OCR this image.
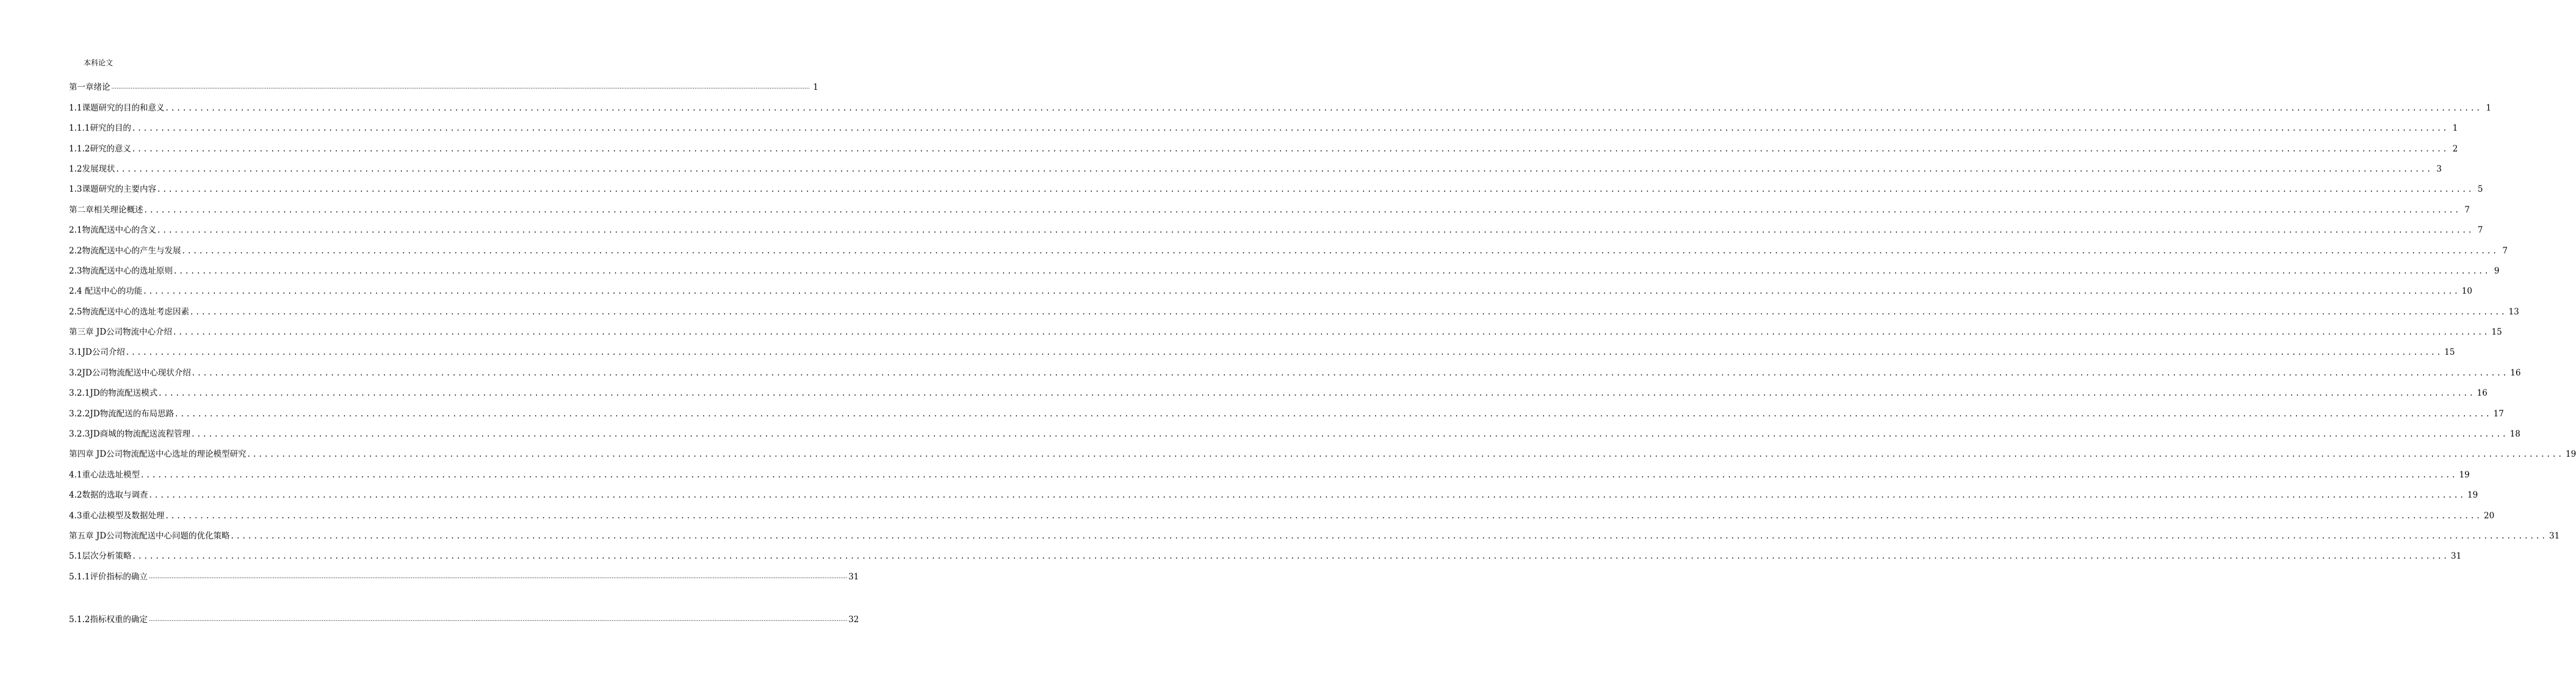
本科论文
第一章绪论 ................................................................................................................................................................................................................................................................................................................................................................................................................ 1
1.1课题研究的目的和意义 ................................................................................................................................................................................................................................................................................................................................................................................................................ 1
1.1.1研究的目的 ................................................................................................................................................................................................................................................................................................................................................................................................................ 1
1.1.2研究的意义 ................................................................................................................................................................................................................................................................................................................................................................................................................ 2
1.2发展现状 ................................................................................................................................................................................................................................................................................................................................................................................................................ 3
1.3课题研究的主要内容 ................................................................................................................................................................................................................................................................................................................................................................................................................ 5
第二章相关理论概述 ................................................................................................................................................................................................................................................................................................................................................................................................................ 7
2.1物流配送中心的含义 ................................................................................................................................................................................................................................................................................................................................................................................................................ 7
2.2物流配送中心的产生与发展 ................................................................................................................................................................................................................................................................................................................................................................................................................ 7
2.3物流配送中心的选址原则 ................................................................................................................................................................................................................................................................................................................................................................................................................ 9
2.4 配送中心的功能 ................................................................................................................................................................................................................................................................................................................................................................................................................ 10
2.5物流配送中心的选址考虑因素 ................................................................................................................................................................................................................................................................................................................................................................................................................ 13
第三章 JD公司物流中心介绍 ................................................................................................................................................................................................................................................................................................................................................................................................................ 15
3.1JD公司介绍 ................................................................................................................................................................................................................................................................................................................................................................................................................ 15
3.2JD公司物流配送中心现状介绍 ................................................................................................................................................................................................................................................................................................................................................................................................................ 16
3.2.1JD的物流配送模式 ................................................................................................................................................................................................................................................................................................................................................................................................................ 16
3.2.2JD物流配送的布局思路 ................................................................................................................................................................................................................................................................................................................................................................................................................ 17
3.2.3JD商城的物流配送流程管理 ................................................................................................................................................................................................................................................................................................................................................................................................................ 18
第四章 JD公司物流配送中心选址的理论模型研究 ................................................................................................................................................................................................................................................................................................................................................................................................................ 19
4.1重心法选址模型 ................................................................................................................................................................................................................................................................................................................................................................................................................ 19
4.2数据的选取与调查 ................................................................................................................................................................................................................................................................................................................................................................................................................ 19
4.3重心法模型及数据处理 ................................................................................................................................................................................................................................................................................................................................................................................................................ 20
第五章 JD公司物流配送中心问题的优化策略 ................................................................................................................................................................................................................................................................................................................................................................................................................ 31
5.1层次分析策略 ................................................................................................................................................................................................................................................................................................................................................................................................................ 31
5.1.1评价指标的确立 ................................................................................................................................................................................................................................................................................................................................................................................................................ 31
5.1.2指标权重的确定 ................................................................................................................................................................................................................................................................................................................................................................................................................ 32
